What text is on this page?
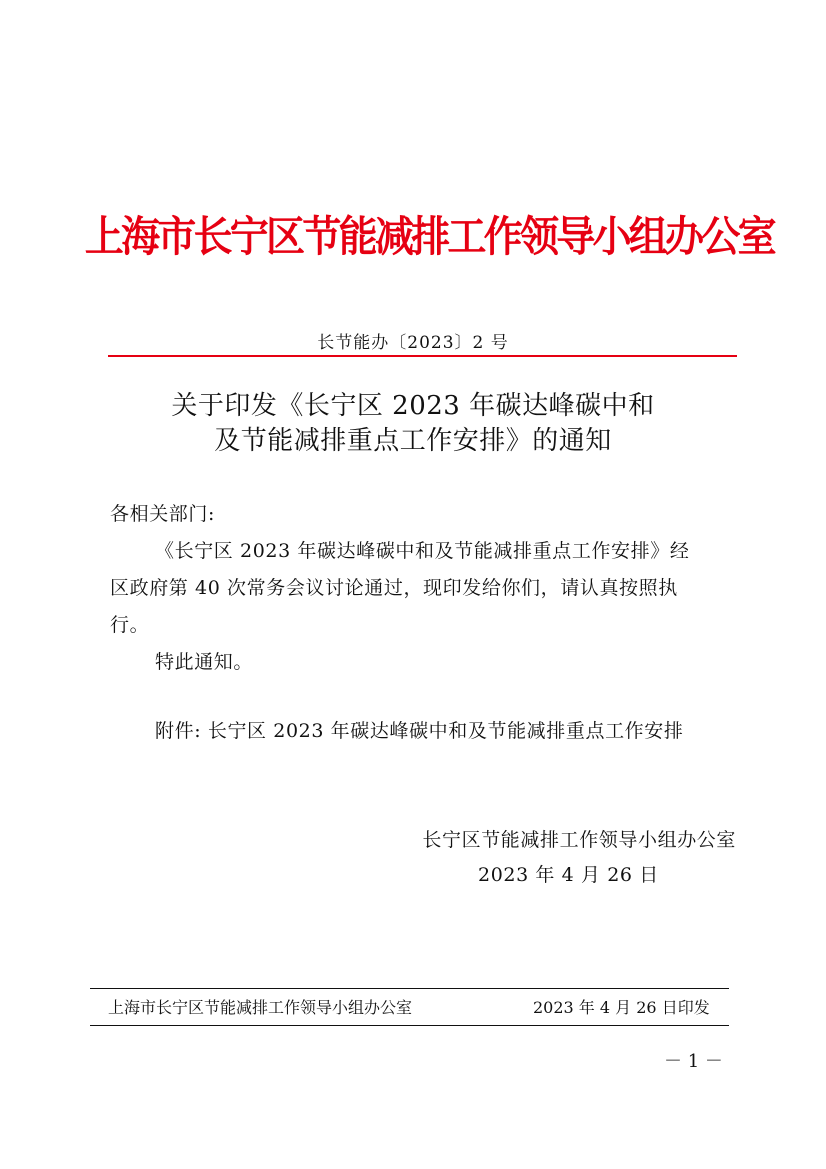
上海市长宁区节能减排工作领导小组办公室
长节能办〔2023〕2 号
关于印发《长宁区 2023 年碳达峰碳中和
及节能减排重点工作安排》的通知
各相关部门:
《长宁区 2023 年碳达峰碳中和及节能减排重点工作安排》经
区政府第 40 次常务会议讨论通过，现印发给你们，请认真按照执
行。
特此通知。
附件: 长宁区 2023 年碳达峰碳中和及节能减排重点工作安排
长宁区节能减排工作领导小组办公室
2023 年 4 月 26 日
上海市长宁区节能减排工作领导小组办公室	2023 年 4 月 26 日印发
－ 1 －
